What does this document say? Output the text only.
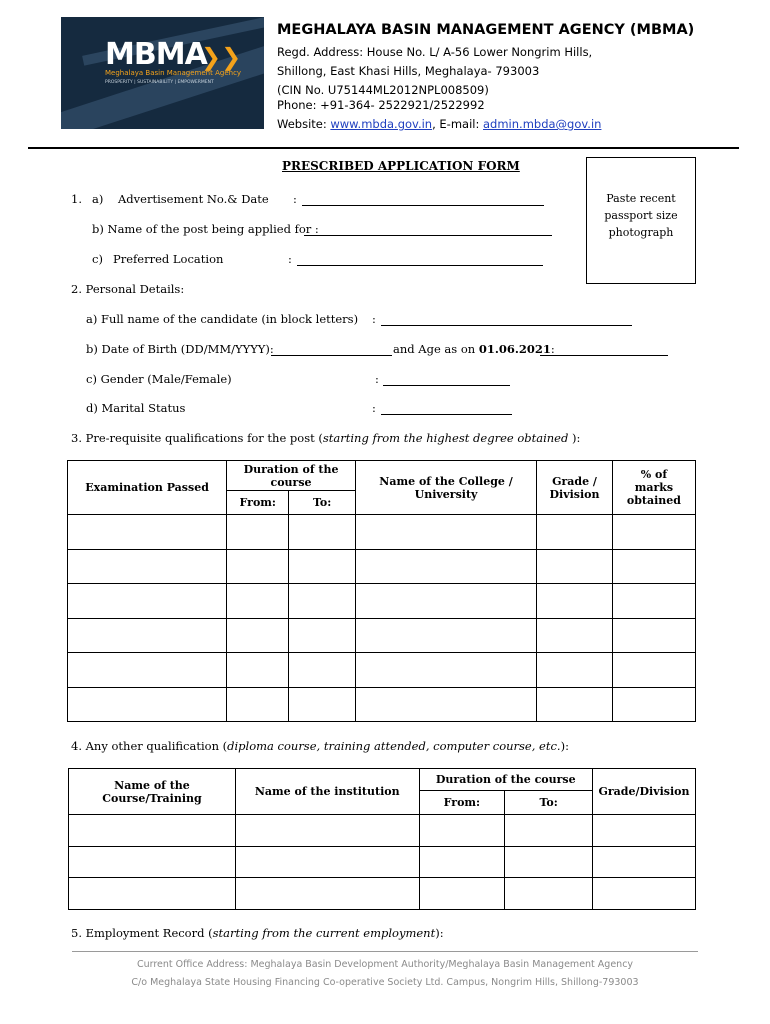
MBMA
❯❯
Meghalaya Basin Management Agency
PROSPERITY | SUSTAINABILITY | EMPOWERMENT
MEGHALAYA BASIN MANAGEMENT AGENCY (MBMA)
Regd. Address: House No. L/ A-56 Lower Nongrim Hills,
Shillong, East Khasi Hills, Meghalaya- 793003
(CIN No. U75144ML2012NPL008509)
Phone: +91-364- 2522921/2522992
Website: www.mbda.gov.in, E-mail: admin.mbda@gov.in
PRESCRIBED APPLICATION FORM
Paste recent passport size photograph
1. a) Advertisement No.& Date :
b) Name of the post being applied for :
c) Preferred Location	:
2. Personal Details:
a) Full name of the candidate (in block letters) :
b) Date of Birth (DD/MM/YYYY):	and Age as on 01.06.2021:
c) Gender (Male/Female)	:
d) Marital Status	:
3. Pre-requisite qualifications for the post (starting from the highest degree obtained ):
Examination Passed	Duration of the course		Name of the College / University	Grade / Division	% of marks obtained
	From:	To:			

4. Any other qualification (diploma course, training attended, computer course, etc.):
Name of the Course/Training	Name of the institution	Duration of the course		Grade/Division
		From:	To:	

5. Employment Record (starting from the current employment):
Current Office Address: Meghalaya Basin Development Authority/Meghalaya Basin Management Agency
C/o Meghalaya State Housing Financing Co-operative Society Ltd. Campus, Nongrim Hills, Shillong-793003
